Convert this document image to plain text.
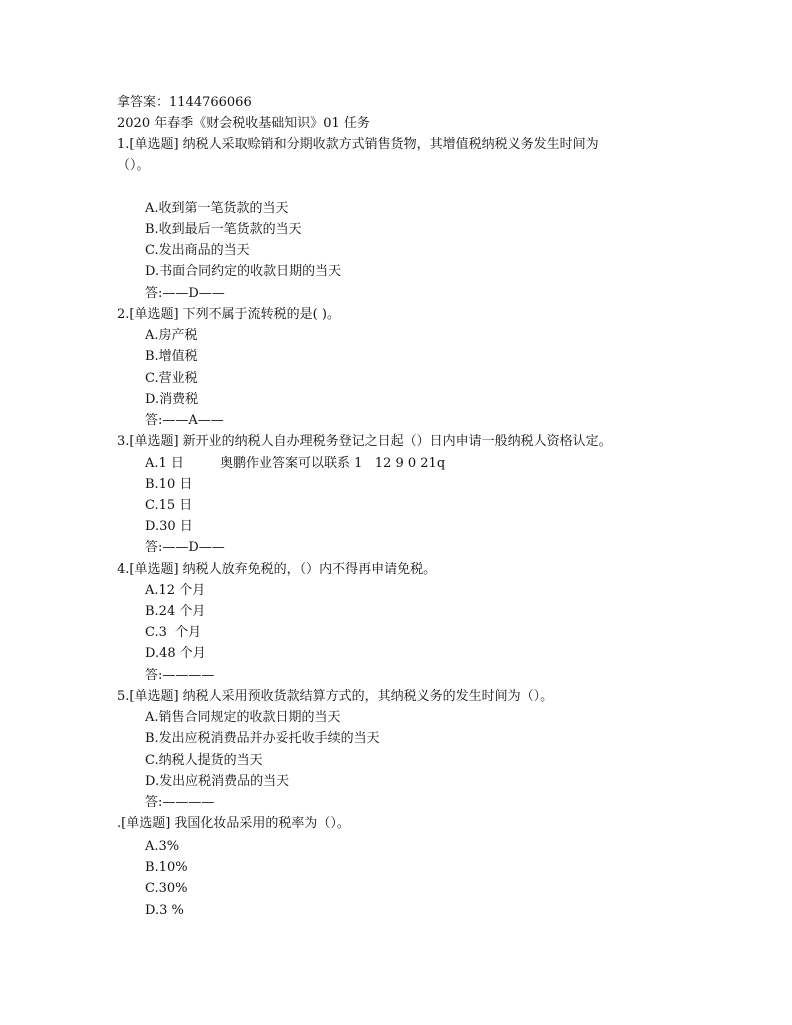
拿答案：1144766066

2020 年春季《财会税收基础知识》01 任务

1.[单选题] 纳税人采取赊销和分期收款方式销售货物，其增值税纳税义务发生时间为

（）。

A.收到第一笔货款的当天

B.收到最后一笔货款的当天

C.发出商品的当天

D.书面合同约定的收款日期的当天

答:——D——

2.[单选题] 下列不属于流转税的是( )。

A.房产税

B.增值税

C.营业税

D.消费税

答:——A——

3.[单选题] 新开业的纳税人自办理税务登记之日起（）日内申请一般纳税人资格认定。

A.1 日	奥鹏作业答案可以联系 1   12 9 0 21q

B.10 日

C.15 日

D.30 日

答:——D——

4.[单选题] 纳税人放弃免税的，（）内不得再申请免税。

A.12 个月

B.24 个月

C.3  个月

D.48 个月

答:————

5.[单选题] 纳税人采用预收货款结算方式的，其纳税义务的发生时间为（）。

A.销售合同规定的收款日期的当天

B.发出应税消费品并办妥托收手续的当天

C.纳税人提货的当天

D.发出应税消费品的当天

答:————

.[单选题] 我国化妆品采用的税率为（）。

A.3%

B.10%

C.30%

D.3 %
